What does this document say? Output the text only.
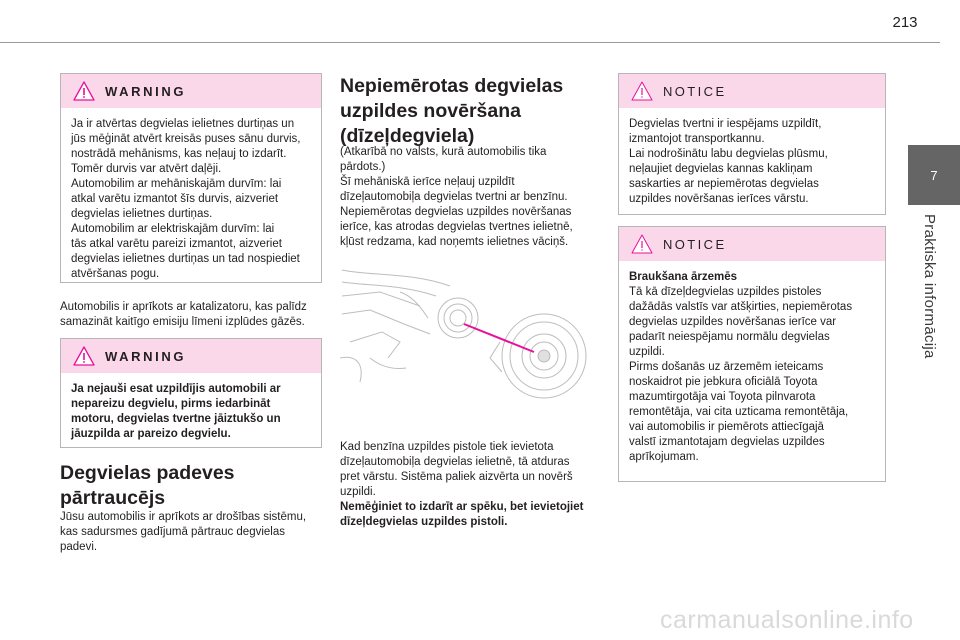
213
7
Praktiska informācija
WARNING
Ja ir atvērtas degvielas ielietnes durtiņas un
jūs mēģināt atvērt kreisās puses sānu durvis,
nostrādā mehānisms, kas neļauj to izdarīt.
Tomēr durvis var atvērt daļēji.
Automobilim ar mehāniskajām durvīm: lai
atkal varētu izmantot šīs durvis, aizveriet
degvielas ielietnes durtiņas.
Automobilim ar elektriskajām durvīm: lai
tās atkal varētu pareizi izmantot, aizveriet
degvielas ielietnes durtiņas un tad nospiediet
atvēršanas pogu.
Automobilis ir aprīkots ar katalizatoru, kas palīdz
samazināt kaitīgo emisiju līmeni izplūdes gāzēs.
WARNING
Ja nejauši esat uzpildījis automobili ar
nepareizu degvielu, pirms iedarbināt
motoru, degvielas tvertne jāiztukšo un
jāuzpilda ar pareizo degvielu.
Degvielas padeves
pārtraucējs
Jūsu automobilis ir aprīkots ar drošības sistēmu,
kas sadursmes gadījumā pārtrauc degvielas
padevi.
Nepiemērotas degvielas
uzpildes novēršana
(dīzeļdegviela)
(Atkarībā no valsts, kurā automobilis tika
pārdots.)
Šī mehāniskā ierīce neļauj uzpildīt
dīzeļautomobiļa degvielas tvertni ar benzīnu.
Nepiemērotas degvielas uzpildes novēršanas
ierīce, kas atrodas degvielas tvertnes ielietnē,
kļūst redzama, kad noņemts ielietnes vāciņš.
Kad benzīna uzpildes pistole tiek ievietota
dīzeļautomobiļa degvielas ielietnē, tā atduras
pret vārstu. Sistēma paliek aizvērta un novērš
uzpildi.
Nemēģiniet to izdarīt ar spēku, bet ievietojiet
dīzeļdegvielas uzpildes pistoli.
NOTICE
Degvielas tvertni ir iespējams uzpildīt,
izmantojot transportkannu.
Lai nodrošinātu labu degvielas plūsmu,
neļaujiet degvielas kannas kakliņam
saskarties ar nepiemērotas degvielas
uzpildes novēršanas ierīces vārstu.
NOTICE
Braukšana ārzemēs
Tā kā dīzeļdegvielas uzpildes pistoles
dažādās valstīs var atšķirties, nepiemērotas
degvielas uzpildes novēršanas ierīce var
padarīt neiespējamu normālu degvielas
uzpildi.
Pirms došanās uz ārzemēm ieteicams
noskaidrot pie jebkura oficiālā Toyota
mazumtirgotāja vai Toyota pilnvarota
remontētāja, vai cita uzticama remontētāja,
vai automobilis ir piemērots attiecīgajā
valstī izmantotajam degvielas uzpildes
aprīkojumam.
carmanualsonline.info
